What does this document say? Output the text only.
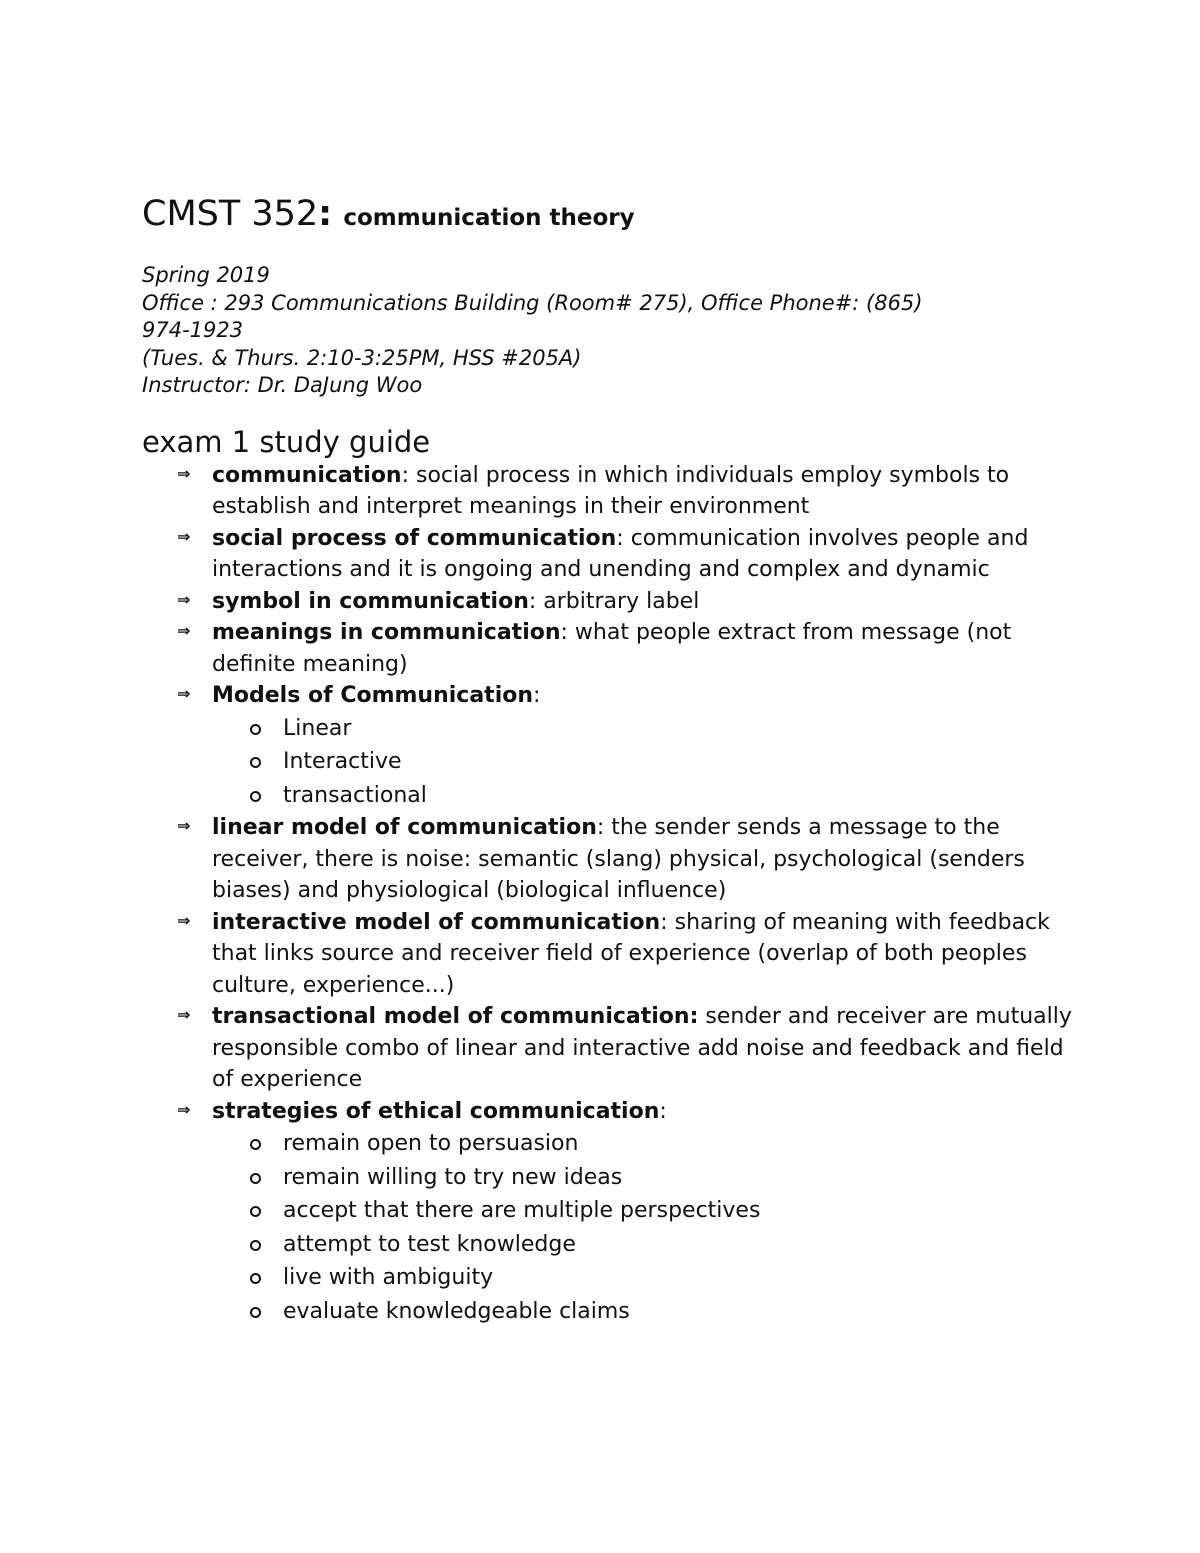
CMST 352: communication theory
Spring 2019
Office : 293 Communications Building (Room# 275), Office Phone#: (865)
974-1923
(Tues. & Thurs. 2:10-3:25PM, HSS #205A)
Instructor: Dr. DaJung Woo
exam 1 study guide
⇒ communication: social process in which individuals employ symbols to establish and interpret meanings in their environment
⇒ social process of communication: communication involves people and interactions and it is ongoing and unending and complex and dynamic
⇒ symbol in communication: arbitrary label
⇒ meanings in communication: what people extract from message (not definite meaning)
⇒ Models of Communication:
Linear
Interactive
transactional
⇒ linear model of communication: the sender sends a message to the receiver, there is noise: semantic (slang) physical, psychological (senders biases) and physiological (biological influence)
⇒ interactive model of communication: sharing of meaning with feedback that links source and receiver field of experience (overlap of both peoples culture, experience...)
⇒ transactional model of communication: sender and receiver are mutually responsible combo of linear and interactive add noise and feedback and field of experience
⇒ strategies of ethical communication:
remain open to persuasion
remain willing to try new ideas
accept that there are multiple perspectives
attempt to test knowledge
live with ambiguity
evaluate knowledgeable claims
